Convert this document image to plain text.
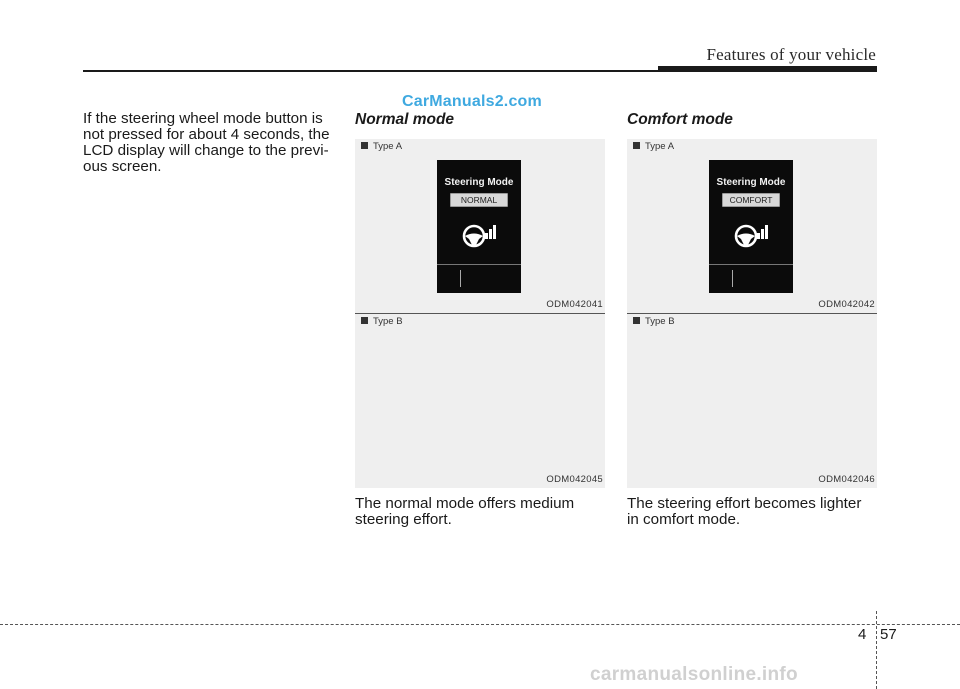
Features of your vehicle
CarManuals2.com
If the steering wheel mode button is
not pressed for about 4 seconds, the
LCD display will change to the previ-
ous screen.
Normal mode
Type A
Steering Mode
NORMAL
ODM042041
Type B
ODM042045
The normal mode offers medium
steering effort.
Comfort mode
Type A
Steering Mode
COMFORT
ODM042042
Type B
ODM042046
The steering effort becomes lighter
in comfort mode.
4 57
carmanualsonline.info
